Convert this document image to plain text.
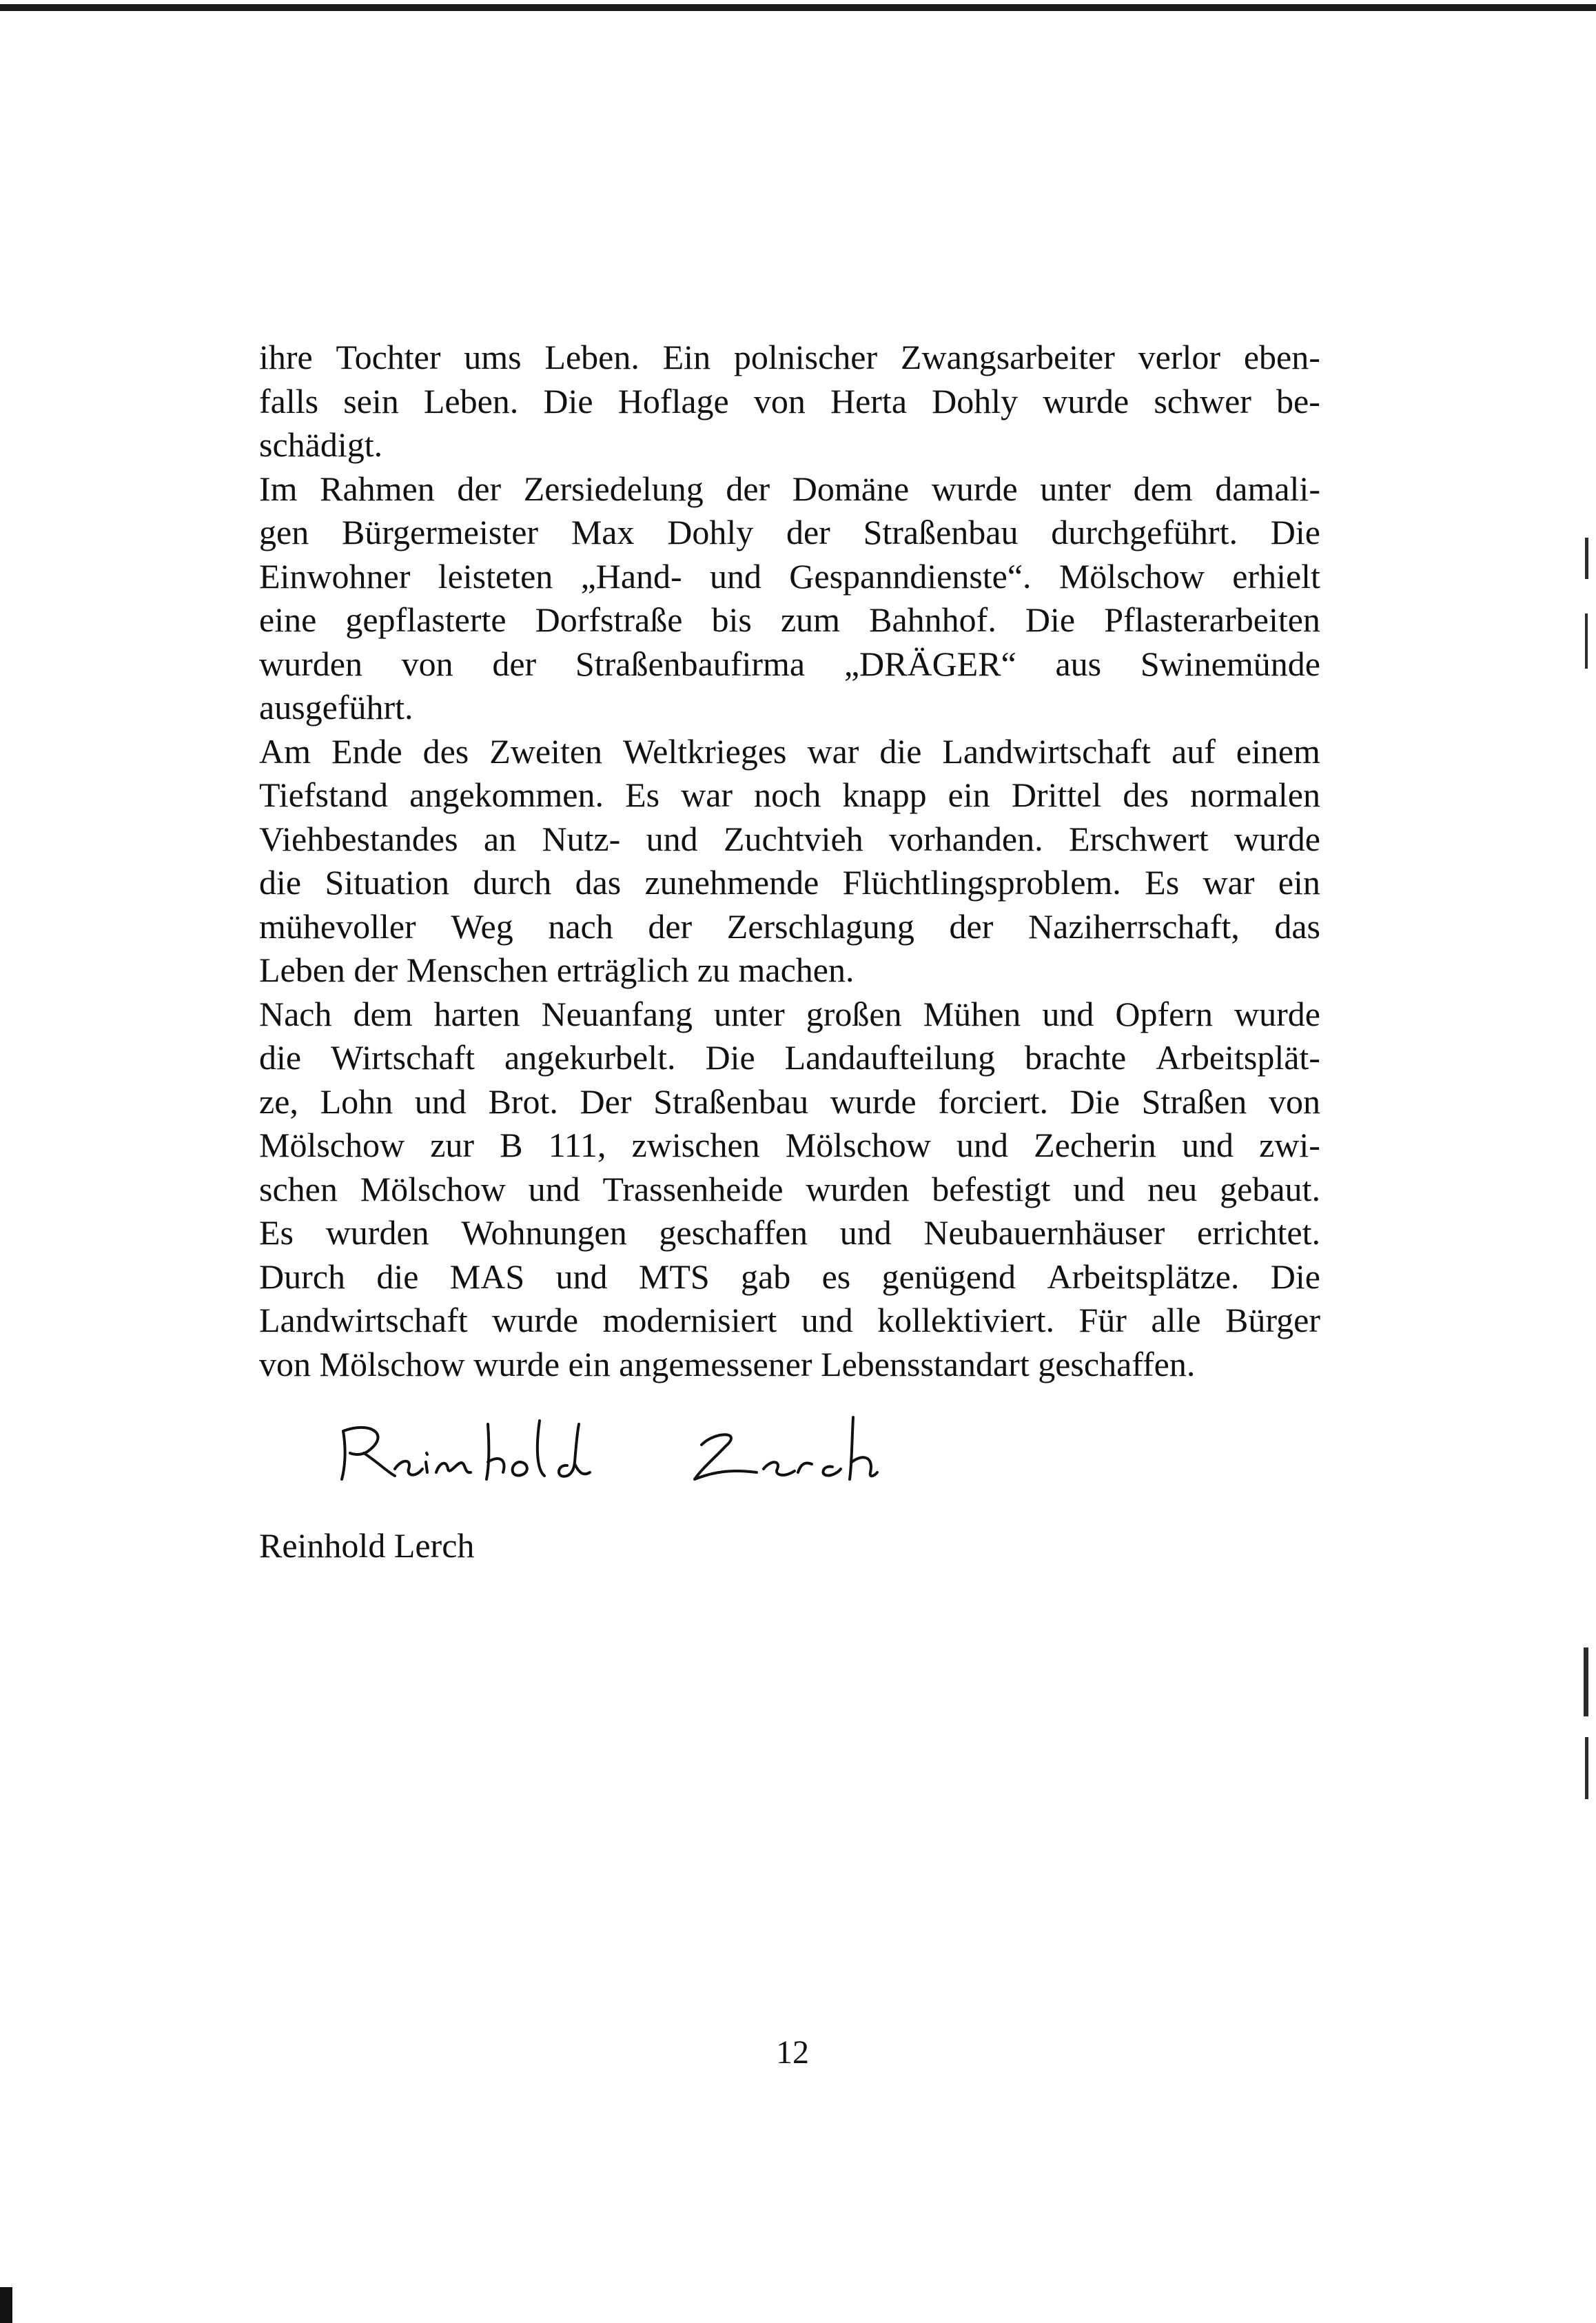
ihre Tochter ums Leben. Ein polnischer Zwangsarbeiter verlor eben-
falls sein Leben. Die Hoflage von Herta Dohly wurde schwer be-
schädigt.
Im Rahmen der Zersiedelung der Domäne wurde unter dem damali-
gen Bürgermeister Max Dohly der Straßenbau durchgeführt. Die
Einwohner leisteten „Hand- und Gespanndienste“. Mölschow erhielt
eine gepflasterte Dorfstraße bis zum Bahnhof. Die Pflasterarbeiten
wurden von der Straßenbaufirma „DRÄGER“ aus Swinemünde
ausgeführt.
Am Ende des Zweiten Weltkrieges war die Landwirtschaft auf einem
Tiefstand angekommen. Es war noch knapp ein Drittel des normalen
Viehbestandes an Nutz- und Zuchtvieh vorhanden. Erschwert wurde
die Situation durch das zunehmende Flüchtlingsproblem. Es war ein
mühevoller Weg nach der Zerschlagung der Naziherrschaft, das
Leben der Menschen erträglich zu machen.
Nach dem harten Neuanfang unter großen Mühen und Opfern wurde
die Wirtschaft angekurbelt. Die Landaufteilung brachte Arbeitsplät-
ze, Lohn und Brot. Der Straßenbau wurde forciert. Die Straßen von
Mölschow zur B 111, zwischen Mölschow und Zecherin und zwi-
schen Mölschow und Trassenheide wurden befestigt und neu gebaut.
Es wurden Wohnungen geschaffen und Neubauernhäuser errichtet.
Durch die MAS und MTS gab es genügend Arbeitsplätze. Die
Landwirtschaft wurde modernisiert und kollektiviert. Für alle Bürger
von Mölschow wurde ein angemessener Lebensstandart geschaffen.
Reinhold Lerch
12
